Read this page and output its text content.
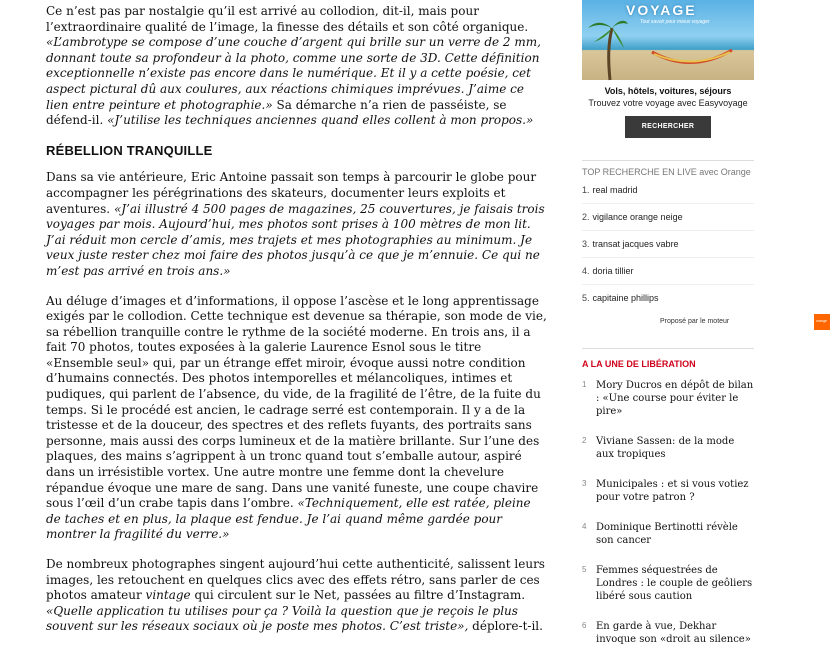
Ce n’est pas par nostalgie qu’il est arrivé au collodion, dit-il, mais pour l’extraordinaire qualité de l’image, la finesse des détails et son côté organique. «L’ambrotype se compose d’une couche d’argent qui brille sur un verre de 2 mm, donnant toute sa profondeur à la photo, comme une sorte de 3D. Cette définition exceptionnelle n’existe pas encore dans le numérique. Et il y a cette poésie, cet aspect pictural dû aux coulures, aux réactions chimiques imprévues. J’aime ce lien entre peinture et photographie.» Sa démarche n’a rien de passéiste, se défend-il. «J’utilise les techniques anciennes quand elles collent à mon propos.»

RÉBELLION TRANQUILLE

Dans sa vie antérieure, Eric Antoine passait son temps à parcourir le globe pour accompagner les pérégrinations des skateurs, documenter leurs exploits et aventures. «J’ai illustré 4 500 pages de magazines, 25 couvertures, je faisais trois voyages par mois. Aujourd’hui, mes photos sont prises à 100 mètres de mon lit. J’ai réduit mon cercle d’amis, mes trajets et mes photographies au minimum. Je veux juste rester chez moi faire des photos jusqu’à ce que je m’ennuie. Ce qui ne m’est pas arrivé en trois ans.»

Au déluge d’images et d’informations, il oppose l’ascèse et le long apprentissage exigés par le collodion. Cette technique est devenue sa thérapie, son mode de vie, sa rébellion tranquille contre le rythme de la société moderne. En trois ans, il a fait 70 photos, toutes exposées à la galerie Laurence Esnol sous le titre «Ensemble seul» qui, par un étrange effet miroir, évoque aussi notre condition d’humains connectés. Des photos intemporelles et mélancoliques, intimes et pudiques, qui parlent de l’absence, du vide, de la fragilité de l’être, de la fuite du temps. Si le procédé est ancien, le cadrage serré est contemporain. Il y a de la tristesse et de la douceur, des spectres et des reflets fuyants, des portraits sans personne, mais aussi des corps lumineux et de la matière brillante. Sur l’une des plaques, des mains s’agrippent à un tronc quand tout s’emballe autour, aspiré dans un irrésistible vortex. Une autre montre une femme dont la chevelure répandue évoque une mare de sang. Dans une vanité funeste, une coupe chavire sous l’œil d’un crabe tapis dans l’ombre. «Techniquement, elle est ratée, pleine de taches et en plus, la plaque est fendue. Je l’ai quand même gardée pour montrer la fragilité du verre.»

De nombreux photographes singent aujourd’hui cette authenticité, salissent leurs images, les retouchent en quelques clics avec des effets rétro, sans parler de ces photos amateur vintage qui circulent sur le Net, passées au filtre d’Instagram. «Quelle application tu utilises pour ça ? Voilà la question que je reçois le plus souvent sur les réseaux sociaux où je poste mes photos. C’est triste», déplore-t-il.

VOYAGE
Tout savoir pour mieux voyager
Vols, hôtels, voitures, séjours
Trouvez votre voyage avec Easyvoyage
RECHERCHER
TOP RECHERCHE EN LIVE avec Orange
1. real madrid
2. vigilance orange neige
3. transat jacques vabre
4. doria tillier
5. capitaine phillips
Proposé par le moteur	orange
A LA UNE DE LIBÉRATION
1 Mory Ducros en dépôt de bilan : «Une course pour éviter le pire»
2 Viviane Sassen: de la mode aux tropiques
3 Municipales : et si vous votiez pour votre patron ?
4 Dominique Bertinotti révèle son cancer
5 Femmes séquestrées de Londres : le couple de geôliers libéré sous caution
6 En garde à vue, Dekhar invoque son «droit au silence»
